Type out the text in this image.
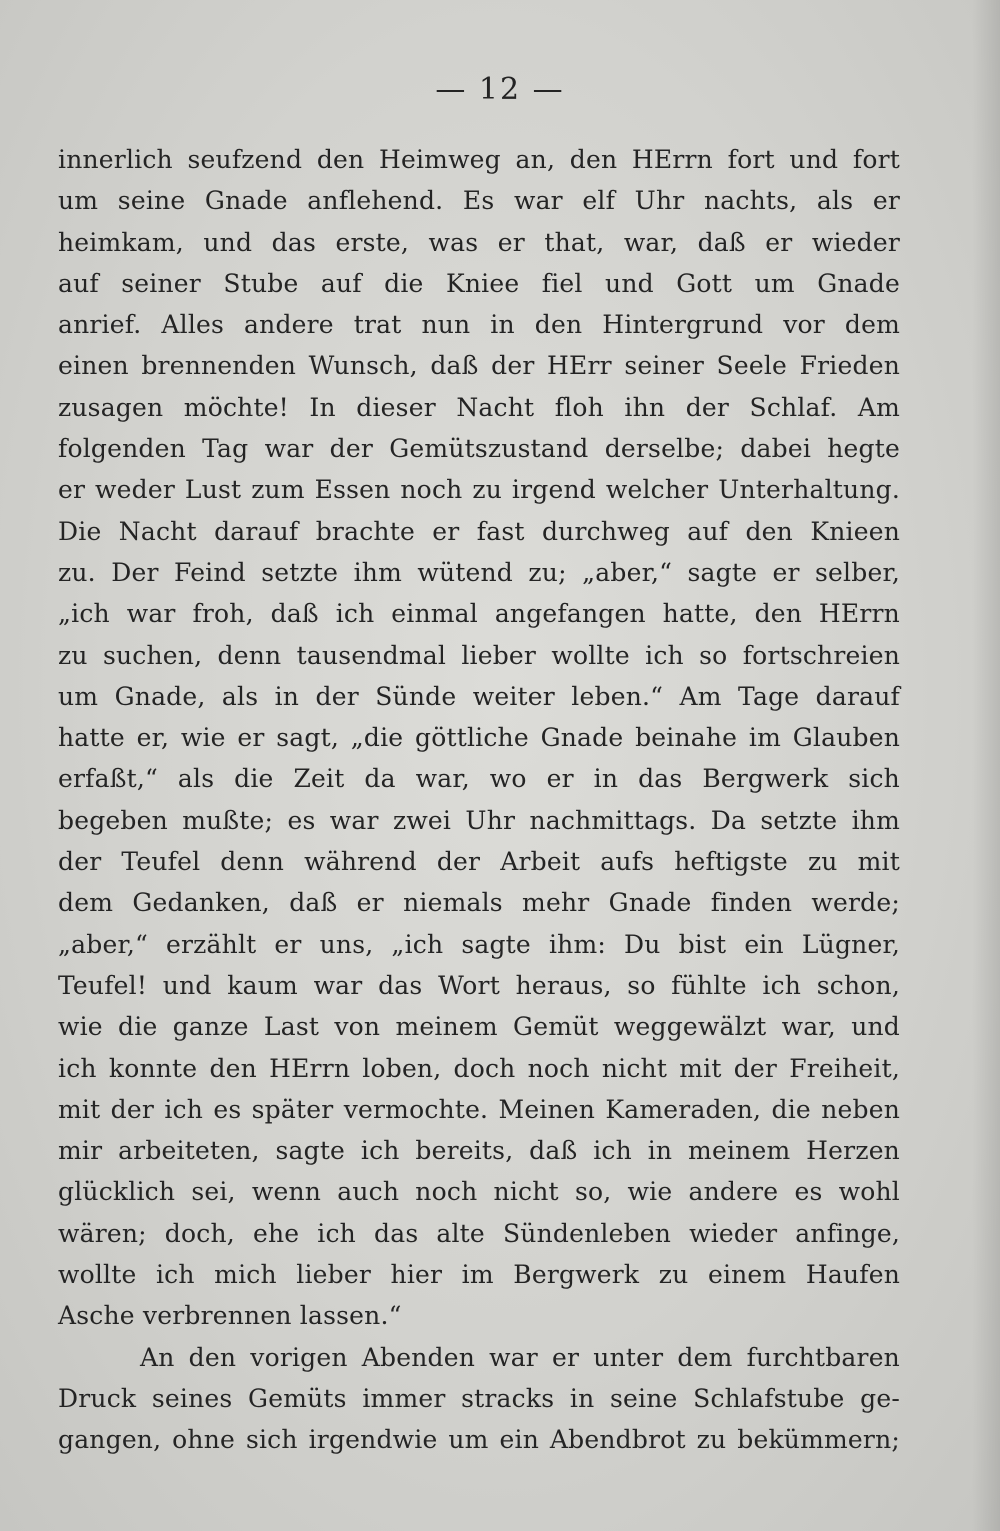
— 12 —
innerlich seufzend den Heimweg an, den HErrn fort und fort
um seine Gnade anflehend. Es war elf Uhr nachts, als er
heimkam, und das erste, was er that, war, daß er wieder
auf seiner Stube auf die Kniee fiel und Gott um Gnade
anrief. Alles andere trat nun in den Hintergrund vor dem
einen brennenden Wunsch, daß der HErr seiner Seele Frieden
zusagen möchte! In dieser Nacht floh ihn der Schlaf. Am
folgenden Tag war der Gemütszustand derselbe; dabei hegte
er weder Lust zum Essen noch zu irgend welcher Unterhaltung.
Die Nacht darauf brachte er fast durchweg auf den Knieen
zu. Der Feind setzte ihm wütend zu; „aber,“ sagte er selber,
„ich war froh, daß ich einmal angefangen hatte, den HErrn
zu suchen, denn tausendmal lieber wollte ich so fortschreien
um Gnade, als in der Sünde weiter leben.“ Am Tage darauf
hatte er, wie er sagt, „die göttliche Gnade beinahe im Glauben
erfaßt,“ als die Zeit da war, wo er in das Bergwerk sich
begeben mußte; es war zwei Uhr nachmittags. Da setzte ihm
der Teufel denn während der Arbeit aufs heftigste zu mit
dem Gedanken, daß er niemals mehr Gnade finden werde;
„aber,“ erzählt er uns, „ich sagte ihm: Du bist ein Lügner,
Teufel! und kaum war das Wort heraus, so fühlte ich schon,
wie die ganze Last von meinem Gemüt weggewälzt war, und
ich konnte den HErrn loben, doch noch nicht mit der Freiheit,
mit der ich es später vermochte. Meinen Kameraden, die neben
mir arbeiteten, sagte ich bereits, daß ich in meinem Herzen
glücklich sei, wenn auch noch nicht so, wie andere es wohl
wären; doch, ehe ich das alte Sündenleben wieder anfinge,
wollte ich mich lieber hier im Bergwerk zu einem Haufen
Asche verbrennen lassen.“
An den vorigen Abenden war er unter dem furchtbaren
Druck seines Gemüts immer stracks in seine Schlafstube ge-
gangen, ohne sich irgendwie um ein Abendbrot zu bekümmern;
